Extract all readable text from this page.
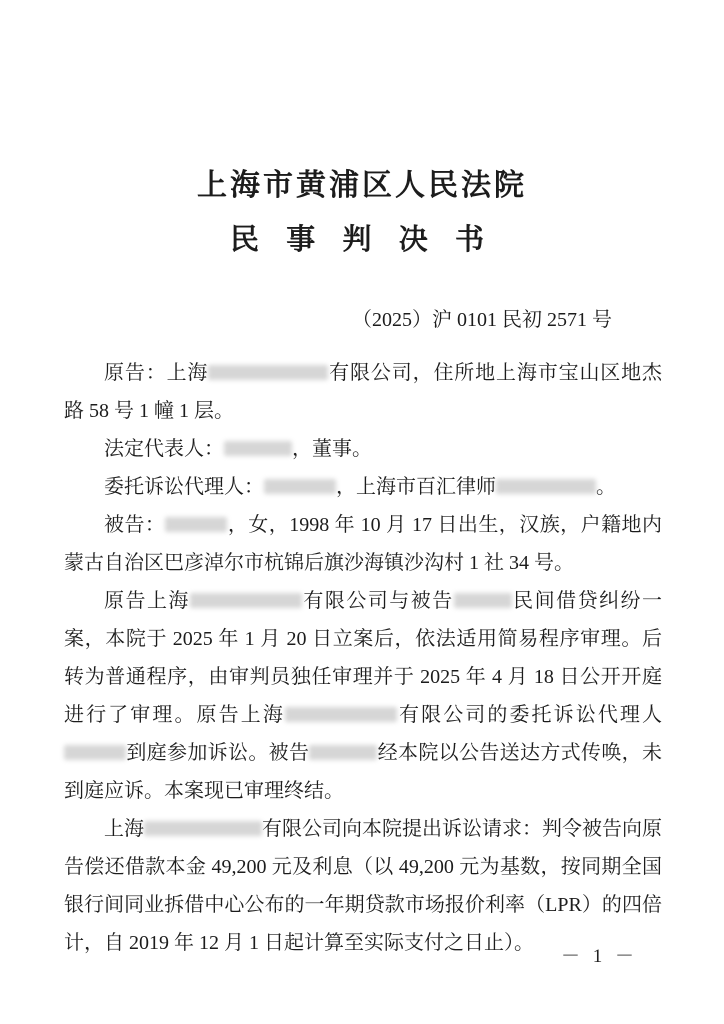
上海市黄浦区人民法院
民 事 判 决 书
（2025）沪 0101 民初 2571 号

原告：上海	有限公司，住所地上海市宝山区地杰路 58 号 1 幢 1 层。

法定代表人：	，董事。

委托诉讼代理人：	，上海市百汇律师	。

被告：	，女，1998 年 10 月 17 日出生，汉族，户籍地内蒙古自治区巴彦淖尔市杭锦后旗沙海镇沙沟村 1 社 34 号。

原告上海	有限公司与被告	民间借贷纠纷一案，本院于 2025 年 1 月 20 日立案后，依法适用简易程序审理。后转为普通程序，由审判员独任审理并于 2025 年 4 月 18 日公开开庭进行了审理。原告上海	有限公司的委托诉讼代理人到庭参加诉讼。被告	经本院以公告送达方式传唤，未到庭应诉。本案现已审理终结。

上海	有限公司向本院提出诉讼请求：判令被告向原告偿还借款本金 49,200 元及利息（以 49,200 元为基数，按同期全国银行间同业拆借中心公布的一年期贷款市场报价利率（LPR）的四倍计，自 2019 年 12 月 1 日起计算至实际支付之日止）。

－ 1 －
